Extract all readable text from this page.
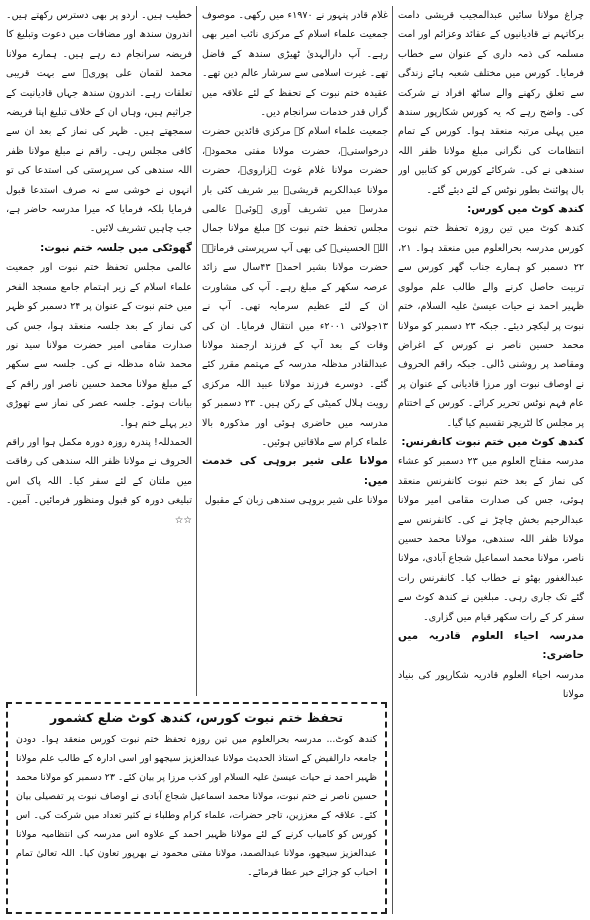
چراغ مولانا سائیں عبدالمجیب قریشی دامت برکاتہم نے قادیانیوں کے عقائد وعزائم اور امت مسلمہ کی ذمہ داری کے عنوان سے خطاب فرمایا۔ کورس میں مختلف شعبہ ہائے زندگی سے تعلق رکھنے والے ساٹھ افراد نے شرکت کی۔ واضح رہے کہ یہ کورس شکارپور سندھ میں پہلی مرتبہ منعقد ہوا۔ کورس کے تمام انتظامات کی نگرانی مبلغ مولانا ظفر اللہ سندھی نے کی۔ شرکائے کورس کو کتابیں اور بال پوائنٹ بطور نوٹس کے لئے دیئے گئے۔

کندھ کوٹ میں کورس:

کندھ کوٹ میں تین روزہ تحفظ ختم نبوت کورس مدرسہ بحرالعلوم میں منعقد ہوا۔ ۲۱، ۲۲ دسمبر کو ہمارے جناب گھر کورس سے تربیت حاصل کرنے والے طالب علم مولوی ظہیر احمد نے حیات عیسیٰ علیہ السلام، ختم نبوت پر لیکچر دیئے۔ جبکہ ۲۳ دسمبر کو مولانا محمد حسین ناصر نے کورس کے اغراض ومقاصد پر روشنی ڈالی۔ جبکہ راقم الحروف نے اوصاف نبوت اور مرزا قادیانی کے عنوان پر عام فہم نوٹس تحریر کرائے۔ کورس کے اختتام پر مجلس کا لٹریچر تقسیم کیا گیا۔

کندھ کوٹ میں ختم نبوت کانفرنس:

مدرسہ مفتاح العلوم میں ۲۳ دسمبر کو عشاء کی نماز کے بعد ختم نبوت کانفرنس منعقد ہوئی، جس کی صدارت مقامی امیر مولانا عبدالرحیم بخش چاچڑ نے کی۔ کانفرنس سے مولانا ظفر اللہ سندھی، مولانا محمد حسین ناصر، مولانا محمد اسماعیل شجاع آبادی، مولانا عبدالغفور بھٹو نے خطاب کیا۔ کانفرنس رات گئے تک جاری رہی۔ مبلغین نے کندھ کوٹ سے سفر کر کے رات سکھر قیام میں گزاری۔

مدرسہ احیاء العلوم قادریہ میں حاضری:

مدرسہ احیاء العلوم قادریہ شکارپور کی بنیاد مولانا

غلام قادر پنہور نے ۱۹۷۰ء میں رکھی۔ موصوف جمعیت علماء اسلام کے مرکزی نائب امیر بھی رہے۔ آپ دارالہدیٰ ٹھیڑی سندھ کے فاضل تھے۔ غیرت اسلامی سے سرشار عالم دین تھے۔ عقیدہ ختم نبوت کے تحفظ کے لئے علاقہ میں گراں قدر خدمات سرانجام دیں۔

جمعیت علماء اسلام کے مرکزی قائدین حضرت درخواستیؒ، حضرت مولانا مفتی محمودؒ، حضرت مولانا غلام غوث ہزارویؒ، حضرت مولانا عبدالکریم قریشیؒ بیر شریف کئی بار مدرسہ میں تشریف آوری ہوئی۔ عالمی مجلس تحفظ ختم نبوت کے مبلغ مولانا جمال اللہ الحسینیؒ کی بھی آپ سرپرستی فرماتے۔ حضرت مولانا بشیر احمدؒ ۴۳سال سے زائد عرصہ سکھر کے مبلغ رہے۔ آپ کی مشاورت ان کے لئے عظیم سرمایہ تھی۔ آپ نے ۱۳جولائی ۲۰۰۱ء میں انتقال فرمایا۔ ان کی وفات کے بعد آپ کے فرزند ارجمند مولانا عبدالقادر مدظلہ مدرسہ کے مہتمم مقرر کئے گئے۔ دوسرے فرزند مولانا عبید اللہ مرکزی رویت ہلال کمیٹی کے رکن ہیں۔ ۲۳ دسمبر کو مدرسہ میں حاضری ہوئی اور مذکورہ بالا علماء کرام سے ملاقاتیں ہوئیں۔

مولانا علی شیر بروہی کی خدمت میں:

مولانا علی شیر بروہی سندھی زبان کے مقبول

خطیب ہیں۔ اردو پر بھی دسترس رکھتے ہیں۔ اندرون سندھ اور مضافات میں دعوت وتبلیغ کا فریضہ سرانجام دے رہے ہیں۔ ہمارے مولانا محمد لقمان علی پوریؒ سے بہت قریبی تعلقات رہے۔ اندرون سندھ جہاں قادیانیت کے جراثیم ہیں، وہاں ان کے خلاف تبلیغ اپنا فریضہ سمجھتے ہیں۔ ظہر کی نماز کے بعد ان سے کافی مجلس رہی۔ راقم نے مبلغ مولانا ظفر اللہ سندھی کی سرپرستی کی استدعا کی تو انہوں نے خوشی سے نہ صرف استدعا قبول فرمایا بلکہ فرمایا کہ میرا مدرسہ حاضر ہے، جب چاہیں تشریف لائیں۔

گھوٹکی میں جلسہ ختم نبوت:

عالمی مجلس تحفظ ختم نبوت اور جمعیت علماء اسلام کے زیر اہتمام جامع مسجد الفخر میں ختم نبوت کے عنوان پر ۲۴ دسمبر کو ظہر کی نماز کے بعد جلسہ منعقد ہوا، جس کی صدارت مقامی امیر حضرت مولانا سید نور محمد شاہ مدظلہ نے کی۔ جلسہ سے سکھر کے مبلغ مولانا محمد حسین ناصر اور راقم کے بیانات ہوئے۔ جلسہ عصر کی نماز سے تھوڑی دیر پہلے ختم ہوا۔

الحمدللہ! پندرہ روزہ دورہ مکمل ہوا اور راقم الحروف نے مولانا ظفر اللہ سندھی کی رفاقت میں ملتان کے لئے سفر کیا۔ اللہ پاک اس تبلیغی دورہ کو قبول ومنظور فرمائیں۔ آمین۔ ☆☆

تحفظ ختم نبوت کورس، کندھ کوٹ ضلع کشمور

کندھ کوٹ... مدرسہ بحرالعلوم میں تین روزہ تحفظ ختم نبوت کورس منعقد ہوا۔ دودن جامعہ دارالفیض کے استاذ الحدیث مولانا عبدالعزیز سیجھو اور اسی ادارہ کے طالب علم مولانا ظہیر احمد نے حیات عیسیٰ علیہ السلام اور کذب مرزا پر بیان کئے۔ ۲۳ دسمبر کو مولانا محمد حسین ناصر نے ختم نبوت، مولانا محمد اسماعیل شجاع آبادی نے اوصاف نبوت پر تفصیلی بیان کئے۔ علاقہ کے معززین، تاجر حضرات، علماء کرام وطلباء نے کثیر تعداد میں شرکت کی۔ اس کورس کو کامیاب کرنے کے لئے مولانا ظہیر احمد کے علاوہ اس مدرسہ کی انتظامیہ مولانا عبدالعزیز سیجھو، مولانا عبدالصمد، مولانا مفتی محمود نے بھرپور تعاون کیا۔ اللہ تعالیٰ تمام احباب کو جزائے خیر عطا فرمائے۔
